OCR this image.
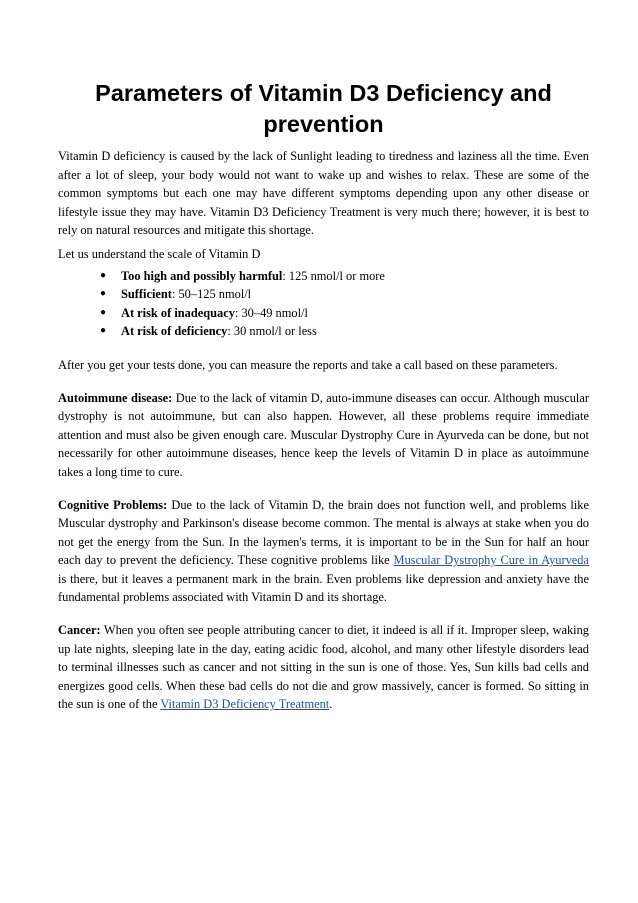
Parameters of Vitamin D3 Deficiency and prevention

Vitamin D deficiency is caused by the lack of Sunlight leading to tiredness and laziness all the time. Even after a lot of sleep, your body would not want to wake up and wishes to relax. These are some of the common symptoms but each one may have different symptoms depending upon any other disease or lifestyle issue they may have. Vitamin D3 Deficiency Treatment is very much there; however, it is best to rely on natural resources and mitigate this shortage.

Let us understand the scale of Vitamin D

● Too high and possibly harmful: 125 nmol/l or more
● Sufficient: 50–125 nmol/l
● At risk of inadequacy: 30–49 nmol/l
● At risk of deficiency: 30 nmol/l or less

After you get your tests done, you can measure the reports and take a call based on these parameters.

Autoimmune disease: Due to the lack of vitamin D, auto-immune diseases can occur. Although muscular dystrophy is not autoimmune, but can also happen. However, all these problems require immediate attention and must also be given enough care. Muscular Dystrophy Cure in Ayurveda can be done, but not necessarily for other autoimmune diseases, hence keep the levels of Vitamin D in place as autoimmune takes a long time to cure.

Cognitive Problems: Due to the lack of Vitamin D, the brain does not function well, and problems like Muscular dystrophy and Parkinson's disease become common. The mental is always at stake when you do not get the energy from the Sun. In the laymen's terms, it is important to be in the Sun for half an hour each day to prevent the deficiency. These cognitive problems like Muscular Dystrophy Cure in Ayurveda is there, but it leaves a permanent mark in the brain. Even problems like depression and anxiety have the fundamental problems associated with Vitamin D and its shortage.

Cancer: When you often see people attributing cancer to diet, it indeed is all if it. Improper sleep, waking up late nights, sleeping late in the day, eating acidic food, alcohol, and many other lifestyle disorders lead to terminal illnesses such as cancer and not sitting in the sun is one of those. Yes, Sun kills bad cells and energizes good cells. When these bad cells do not die and grow massively, cancer is formed. So sitting in the sun is one of the Vitamin D3 Deficiency Treatment.
